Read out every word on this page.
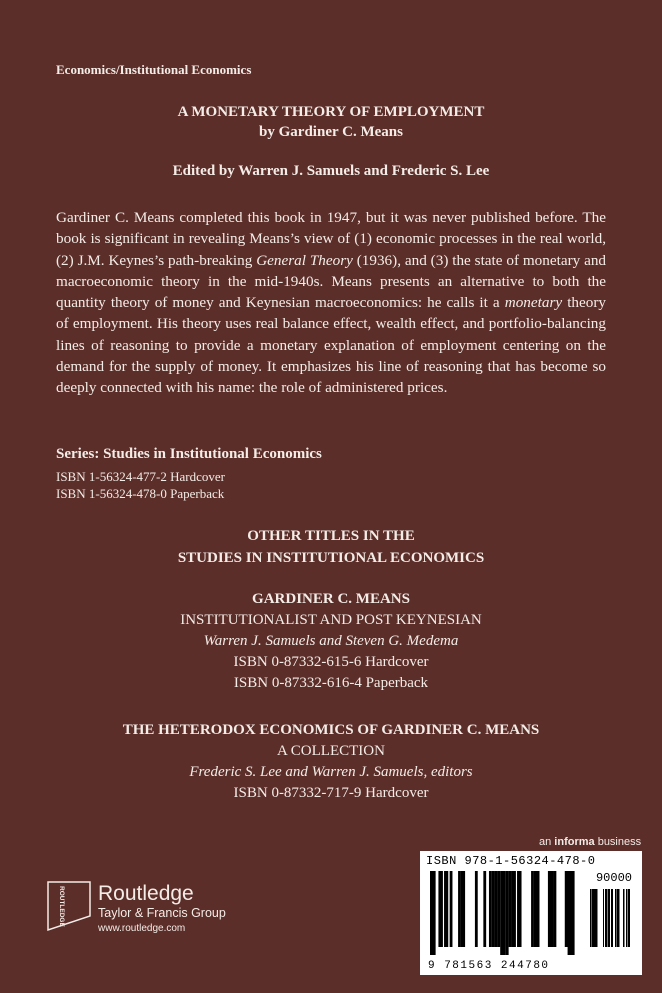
Economics/Institutional Economics
A MONETARY THEORY OF EMPLOYMENT
by Gardiner C. Means
Edited by Warren J. Samuels and Frederic S. Lee

Gardiner C. Means completed this book in 1947, but it was never published before. The book is significant in revealing Means’s view of (1) economic processes in the real world, (2) J.M. Keynes’s path-breaking General Theory (1936), and (3) the state of monetary and macroeconomic theory in the mid-1940s. Means presents an alternative to both the quantity theory of money and Keynesian macroeconomics: he calls it a monetary theory of employment. His theory uses real balance effect, wealth effect, and portfolio-balancing lines of reasoning to provide a monetary explanation of employment centering on the demand for the supply of money. It emphasizes his line of reasoning that has become so deeply connected with his name: the role of administered prices.

Series: Studies in Institutional Economics
ISBN 1-56324-477-2 Hardcover
ISBN 1-56324-478-0 Paperback
OTHER TITLES IN THE
STUDIES IN INSTITUTIONAL ECONOMICS
GARDINER C. MEANS
INSTITUTIONALIST AND POST KEYNESIAN
Warren J. Samuels and Steven G. Medema
ISBN 0-87332-615-6 Hardcover
ISBN 0-87332-616-4 Paperback
THE HETERODOX ECONOMICS OF GARDINER C. MEANS
A COLLECTION
Frederic S. Lee and Warren J. Samuels, editors
ISBN 0-87332-717-9 Hardcover
an informa business
ISBN 978-1-56324-478-0
90000
9 781563 244780
ROUTLEDGE Routledge
Taylor & Francis Group
www.routledge.com
